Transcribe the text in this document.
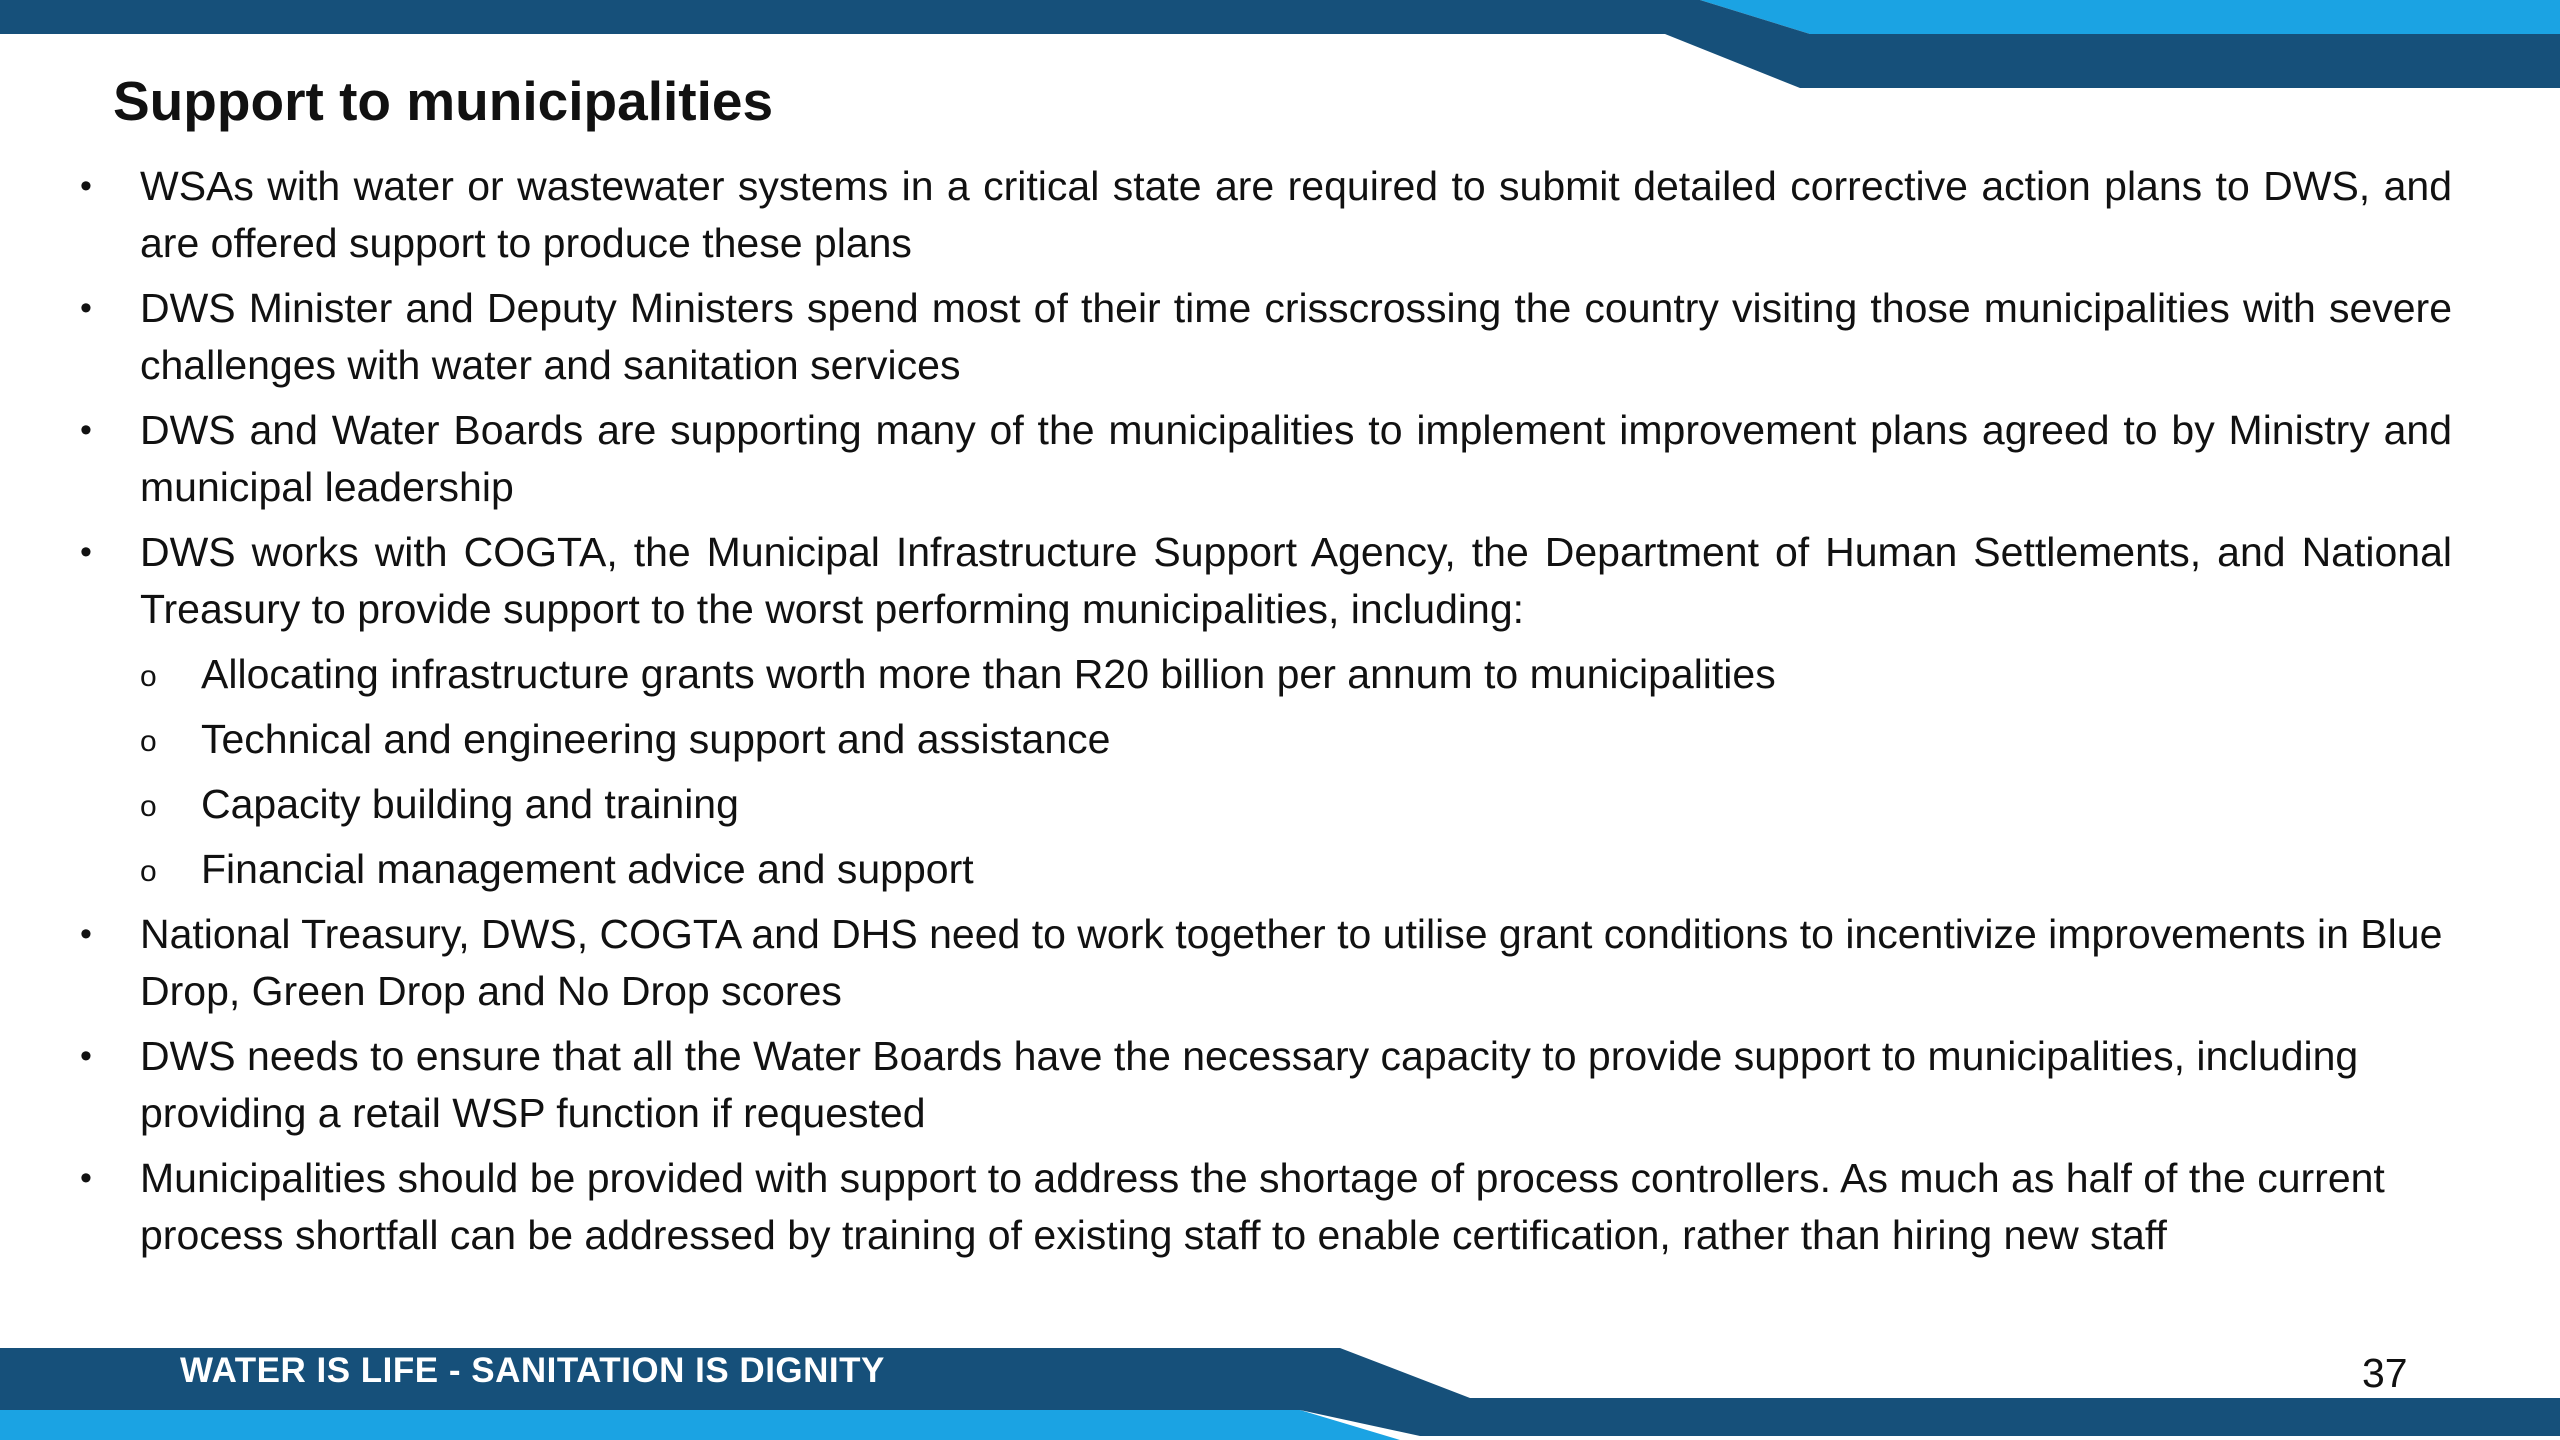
Support to municipalities
• WSAs with water or wastewater systems in a critical state are required to submit detailed corrective action plans to DWS, and are offered support to produce these plans
• DWS Minister and Deputy Ministers spend most of their time crisscrossing the country visiting those municipalities with severe challenges with water and sanitation services
• DWS and Water Boards are supporting many of the municipalities to implement improvement plans agreed to by Ministry and municipal leadership
• DWS works with COGTA, the Municipal Infrastructure Support Agency, the Department of Human Settlements, and National Treasury to provide support to the worst performing municipalities, including:
o Allocating infrastructure grants worth more than R20 billion per annum to municipalities
o Technical and engineering support and assistance
o Capacity building and training
o Financial management advice and support
• National Treasury, DWS, COGTA and DHS need to work together to utilise grant conditions to incentivize improvements in Blue Drop, Green Drop and No Drop scores
• DWS needs to ensure that all the Water Boards have the necessary capacity to provide support to municipalities, including providing a retail WSP function if requested
• Municipalities should be provided with support to address the shortage of process controllers. As much as half of the current process shortfall can be addressed by training of existing staff to enable certification, rather than hiring new staff
WATER IS LIFE - SANITATION IS DIGNITY	37
